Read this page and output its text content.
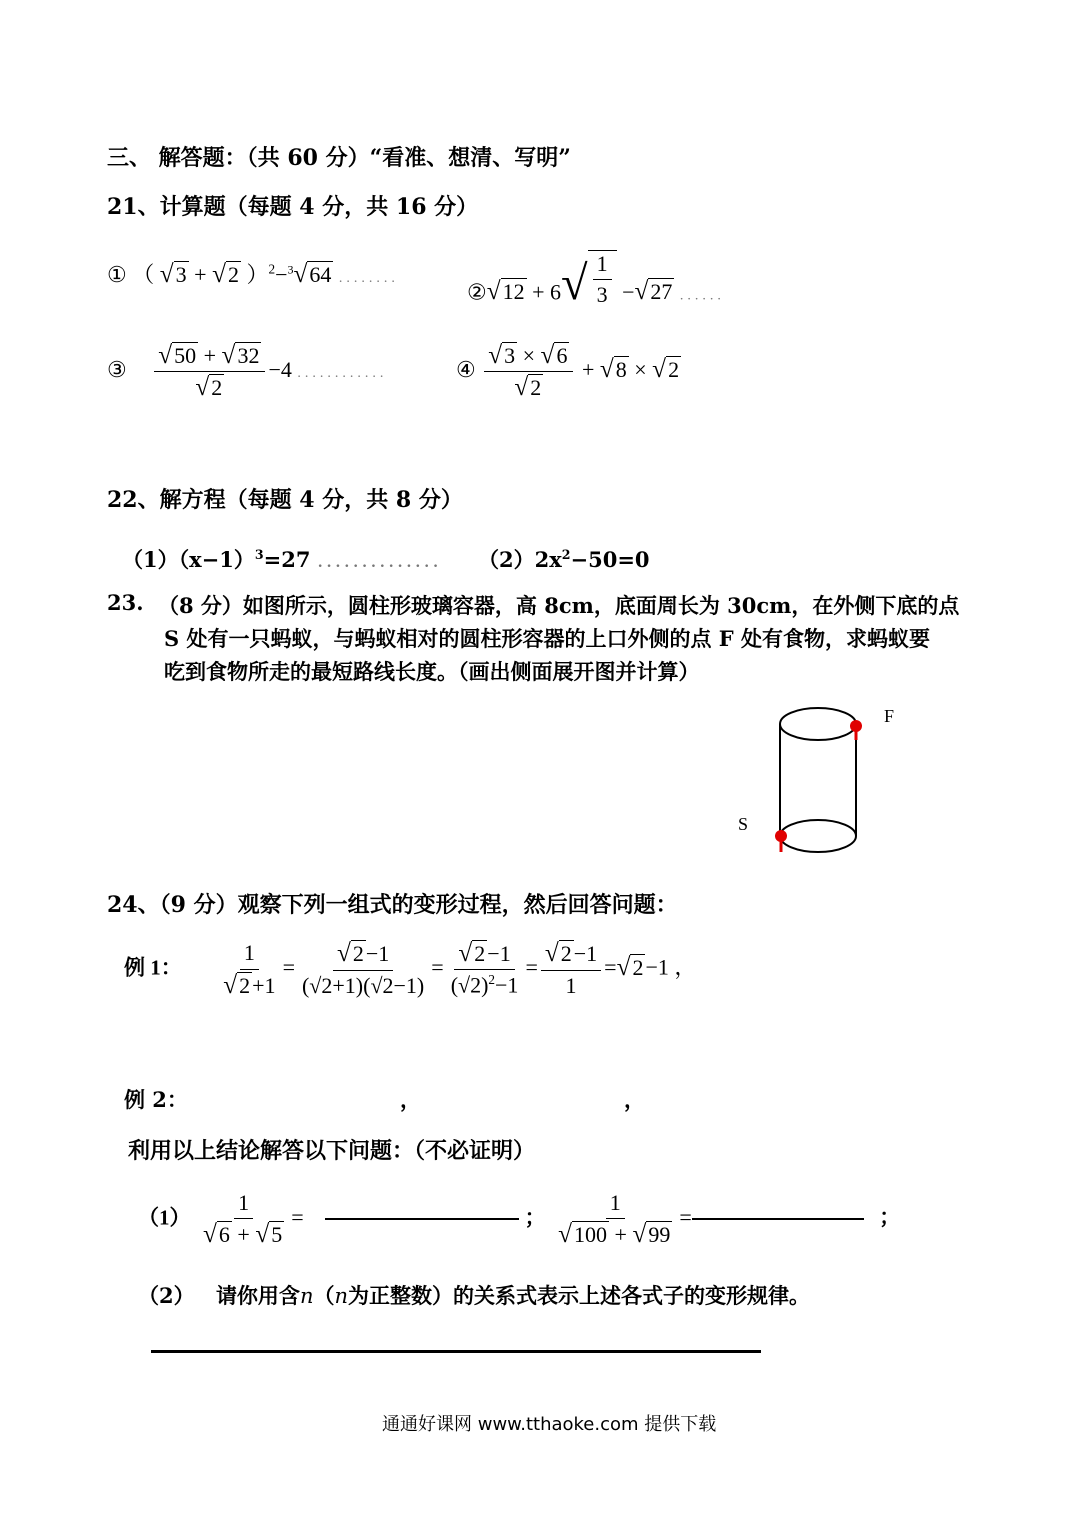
三、 解答题：（共 60 分）“看准、想清、写明”
21、计算题（每题 4 分，共 16 分）
① （ √ 3 + √ 2 ）$^2$−$^3$ √ 64 ........
② √ 12 + 6 √ $\frac{1}{3}$ − √ 27 ......
③ $\frac{√ 50 + √ 32}{√ 2} -4$ ............	④ $\frac{√ 3 \times √ 6}{√ 2}$ + √ 8 × √ 2
22、解方程（每题 4 分，共 8 分）
$(1)(x-1)^3=27$ .............. $(2)2x^2-50=0$
23. （8 分）如图所示，圆柱形玻璃容器，高 8cm，底面周长为 30cm，在外侧下底的点
S 处有一只蚂蚁，与蚂蚁相对的圆柱形容器的上口外侧的点 F 处有食物，求蚂蚁要
吃到食物所走的最短路线长度。（画出侧面展开图并计算）
F
S
24、（9 分）观察下列一组式的变形过程，然后回答问题：
例 1： $\frac{1}{√ 2 +1} = \frac{√ 2 -1}{(√2+1)(√2-1)} = \frac{√ 2 -1}{(√2)^2-1} = \frac{√ 2 -1}{1}$ = √ 2 −1 ，
例 2：	，	，
利用以上结论解答以下问题：（不必证明）
$(1) \frac{1}{√ 6 + √ 5}$ =	； $\frac{1}{√ 100 + √ 99}$ =	；
（2） 请你用含n（n为正整数）的关系式表示上述各式子的变形规律。
通通好课网 www.tthaoke.com 提供下载
